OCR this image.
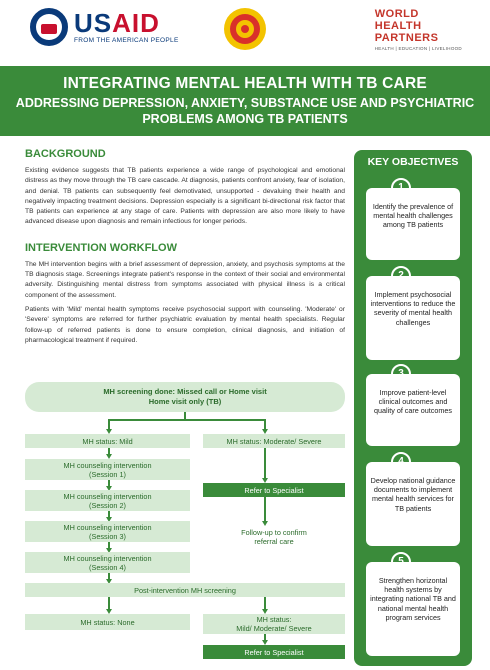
USAID
FROM THE AMERICAN PEOPLE
WORLD
HEALTH
PARTNERS
HEALTH | EDUCATION | LIVELIHOOD
INTEGRATING MENTAL HEALTH WITH TB CARE
ADDRESSING DEPRESSION, ANXIETY, SUBSTANCE USE AND PSYCHIATRIC PROBLEMS AMONG TB PATIENTS
BACKGROUND

Existing evidence suggests that TB patients experience a wide range of psychological and emotional distress as they move through the TB care cascade. At diagnosis, patients confront anxiety, fear of isolation, and denial. TB patients can subsequently feel demotivated, unsupported - devaluing their health and negatively impacting treatment decisions. Depression especially is a significant bi-directional risk factor that TB patients can experience at any stage of care. Patients with depression are also more likely to have advanced disease upon diagnosis and remain infectious for longer periods.

INTERVENTION WORKFLOW

The MH intervention begins with a brief assessment of depression, anxiety, and psychosis symptoms at the TB diagnosis stage. Screenings integrate patient's response in the context of their social and environmental adversity. Distinguishing mental distress from symptoms associated with physical illness is a critical component of the assessment.

Patients with 'Mild' mental health symptoms receive psychosocial support with counseling. 'Moderate' or 'Severe' symptoms are referred for further psychiatric evaluation by mental health specialists. Regular follow-up of referred patients is done to ensure completion, clinical diagnosis, and initiation of pharmacological treatment if required.

MH screening done: Missed call or Home visit
Home visit only (TB)
MH status: Mild	MH status: Moderate/ Severe
MH counseling intervention
(Session 1)
MH counseling intervention
(Session 2)
MH counseling intervention
(Session 3)
MH counseling intervention
(Session 4)
Refer to Specialist
Follow-up to confirm
referral care
Post-intervention MH screening
MH status: None	MH status:
Mild/ Moderate/ Severe
Refer to Specialist
KEY OBJECTIVES
Identify the prevalence of mental health challenges among TB patients
Implement psychosocial interventions to reduce the severity of mental health challenges
Improve patient-level clinical outcomes and quality of care outcomes
Develop national guidance documents to implement mental health services for TB patients
Strengthen horizontal health systems by integrating national TB and national mental health program services
